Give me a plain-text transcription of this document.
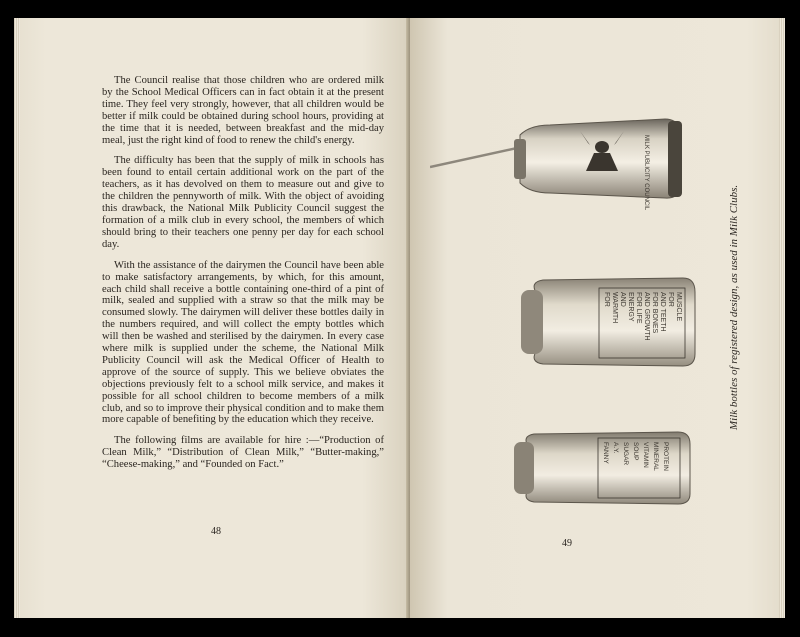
The Council realise that those children who are ordered milk by the School Medical Officers can in fact obtain it at the present time. They feel very strongly, however, that all children would be better if milk could be obtained during school hours, providing at the time that it is needed, between breakfast and the mid-day meal, just the right kind of food to renew the child's energy.

The difficulty has been that the supply of milk in schools has been found to entail certain additional work on the part of the teachers, as it has devolved on them to measure out and give to the children the pennyworth of milk. With the object of avoiding this drawback, the National Milk Publicity Council suggest the formation of a milk club in every school, the members of which should bring to their teachers one penny per day for each school day.

With the assistance of the dairymen the Council have been able to make satisfactory arrangements, by which, for this amount, each child shall receive a bottle containing one-third of a pint of milk, sealed and supplied with a straw so that the milk may be consumed slowly. The dairymen will deliver these bottles daily in the numbers required, and will collect the empty bottles which will then be washed and sterilised by the dairymen. In every case where milk is supplied under the scheme, the National Milk Publicity Council will ask the Medical Officer of Health to approve of the source of supply. This we believe obviates the objections previously felt to a school milk service, and makes it possible for all school children to become members of a milk club, and so to improve their physical condition and to make them more capable of benefiting by the education which they receive.

The following films are available for hire :—“Production of Clean Milk,” “Distribution of Clean Milk,” “Butter-making,” “Cheese-making,” and “Founded on Fact.”

48
49
MILK PUBLICITY COUNCIL
FOR WARMTH AND ENERGY FOR LIFE AND GROWTH FOR BONES AND TEETH FOR MUSCLE
FANNY A.Y. SUGAR SOUP VITAMIN MINERAL PROTEIN
Milk bottles of registered design, as used in Milk Clubs.
